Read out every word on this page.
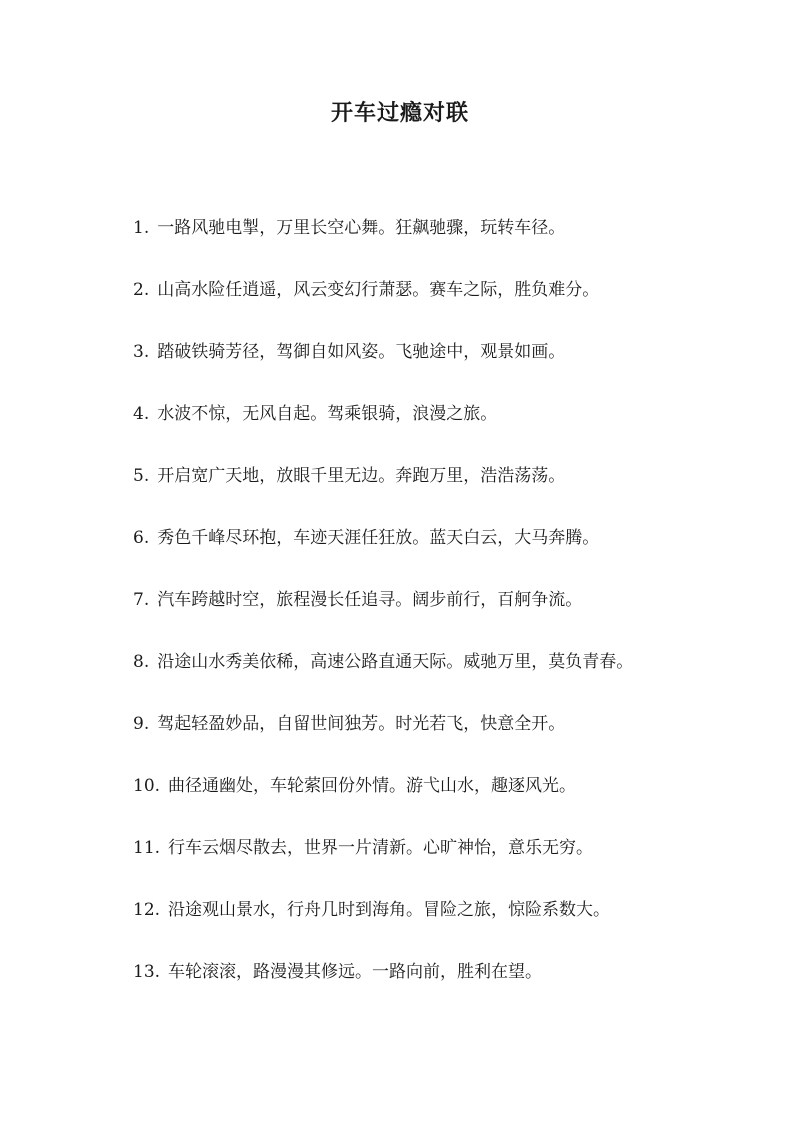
开车过瘾对联
1. 一路风驰电掣，万里长空心舞。狂飙驰骤，玩转车径。
2. 山高水险任逍遥，风云变幻行萧瑟。赛车之际，胜负难分。
3. 踏破铁骑芳径，驾御自如风姿。飞驰途中，观景如画。
4. 水波不惊，无风自起。驾乘银骑，浪漫之旅。
5. 开启宽广天地，放眼千里无边。奔跑万里，浩浩荡荡。
6. 秀色千峰尽环抱，车迹天涯任狂放。蓝天白云，大马奔腾。
7. 汽车跨越时空，旅程漫长任追寻。阔步前行，百舸争流。
8. 沿途山水秀美依稀，高速公路直通天际。威驰万里，莫负青春。
9. 驾起轻盈妙品，自留世间独芳。时光若飞，快意全开。
10. 曲径通幽处，车轮萦回份外情。游弋山水，趣逐风光。
11. 行车云烟尽散去，世界一片清新。心旷神怡，意乐无穷。
12. 沿途观山景水，行舟几时到海角。冒险之旅，惊险系数大。
13. 车轮滚滚，路漫漫其修远。一路向前，胜利在望。
